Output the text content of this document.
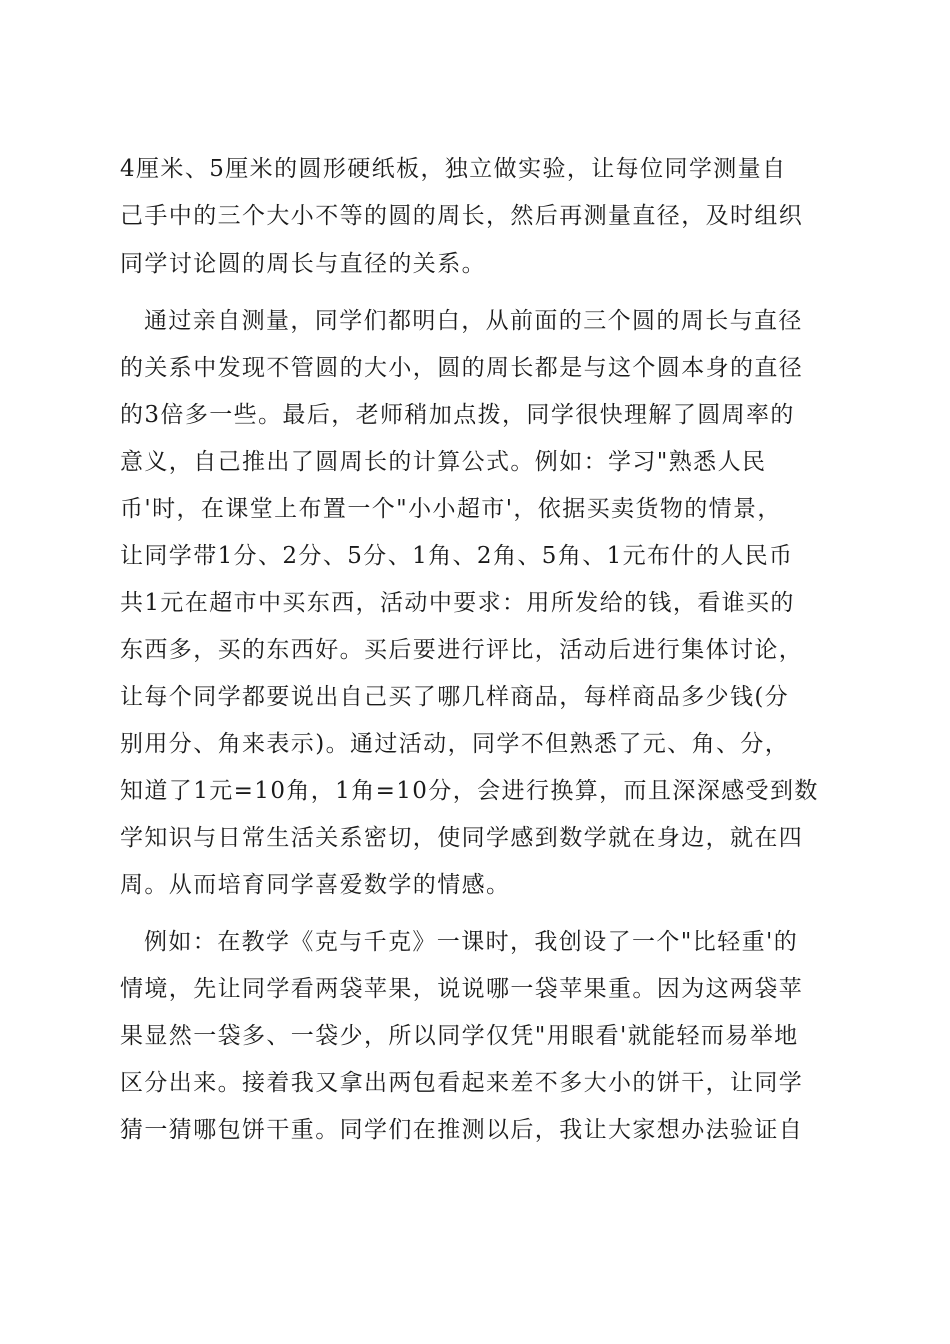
4厘米、5厘米的圆形硬纸板，独立做实验，让每位同学测量自
己手中的三个大小不等的圆的周长，然后再测量直径，及时组织
同学讨论圆的周长与直径的关系。
通过亲自测量，同学们都明白，从前面的三个圆的周长与直径
的关系中发现不管圆的大小，圆的周长都是与这个圆本身的直径
的3倍多一些。最后，老师稍加点拨，同学很快理解了圆周率的
意义，自己推出了圆周长的计算公式。例如：学习"熟悉人民
币'时，在课堂上布置一个"小小超市'，依据买卖货物的情景，
让同学带1分、2分、5分、1角、2角、5角、1元布什的人民币
共1元在超市中买东西，活动中要求：用所发给的钱，看谁买的
东西多，买的东西好。买后要进行评比，活动后进行集体讨论，
让每个同学都要说出自己买了哪几样商品，每样商品多少钱(分
别用分、角来表示)。通过活动，同学不但熟悉了元、角、分，
知道了1元=10角，1角=10分，会进行换算，而且深深感受到数
学知识与日常生活关系密切，使同学感到数学就在身边，就在四
周。从而培育同学喜爱数学的情感。
例如：在教学《克与千克》一课时，我创设了一个"比轻重'的
情境，先让同学看两袋苹果，说说哪一袋苹果重。因为这两袋苹
果显然一袋多、一袋少，所以同学仅凭"用眼看'就能轻而易举地
区分出来。接着我又拿出两包看起来差不多大小的饼干，让同学
猜一猜哪包饼干重。同学们在推测以后，我让大家想办法验证自
